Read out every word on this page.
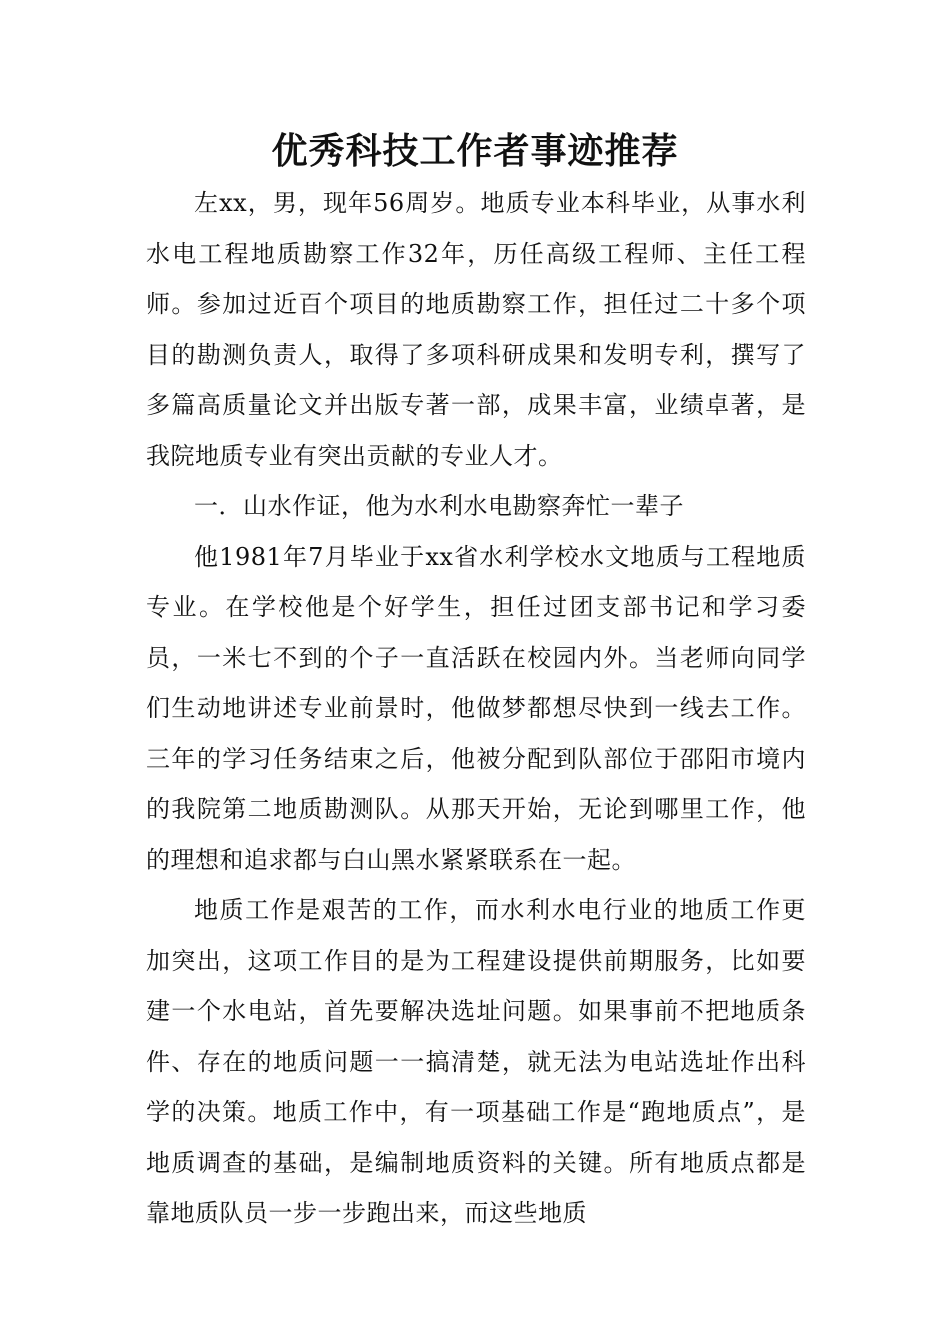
优秀科技工作者事迹推荐

左xx，男，现年56周岁。地质专业本科毕业，从事水利水电工程地质勘察工作32年，历任高级工程师、主任工程师。参加过近百个项目的地质勘察工作，担任过二十多个项目的勘测负责人，取得了多项科研成果和发明专利，撰写了多篇高质量论文并出版专著一部，成果丰富，业绩卓著，是我院地质专业有突出贡献的专业人才。

一．山水作证，他为水利水电勘察奔忙一辈子

他1981年7月毕业于xx省水利学校水文地质与工程地质专业。在学校他是个好学生，担任过团支部书记和学习委员，一米七不到的个子一直活跃在校园内外。当老师向同学们生动地讲述专业前景时，他做梦都想尽快到一线去工作。三年的学习任务结束之后，他被分配到队部位于邵阳市境内的我院第二地质勘测队。从那天开始，无论到哪里工作，他的理想和追求都与白山黑水紧紧联系在一起。

地质工作是艰苦的工作，而水利水电行业的地质工作更加突出，这项工作目的是为工程建设提供前期服务，比如要建一个水电站，首先要解决选址问题。如果事前不把地质条件、存在的地质问题一一搞清楚，就无法为电站选址作出科学的决策。地质工作中，有一项基础工作是“跑地质点”，是地质调查的基础，是编制地质资料的关键。所有地质点都是靠地质队员一步一步跑出来，而这些地质
